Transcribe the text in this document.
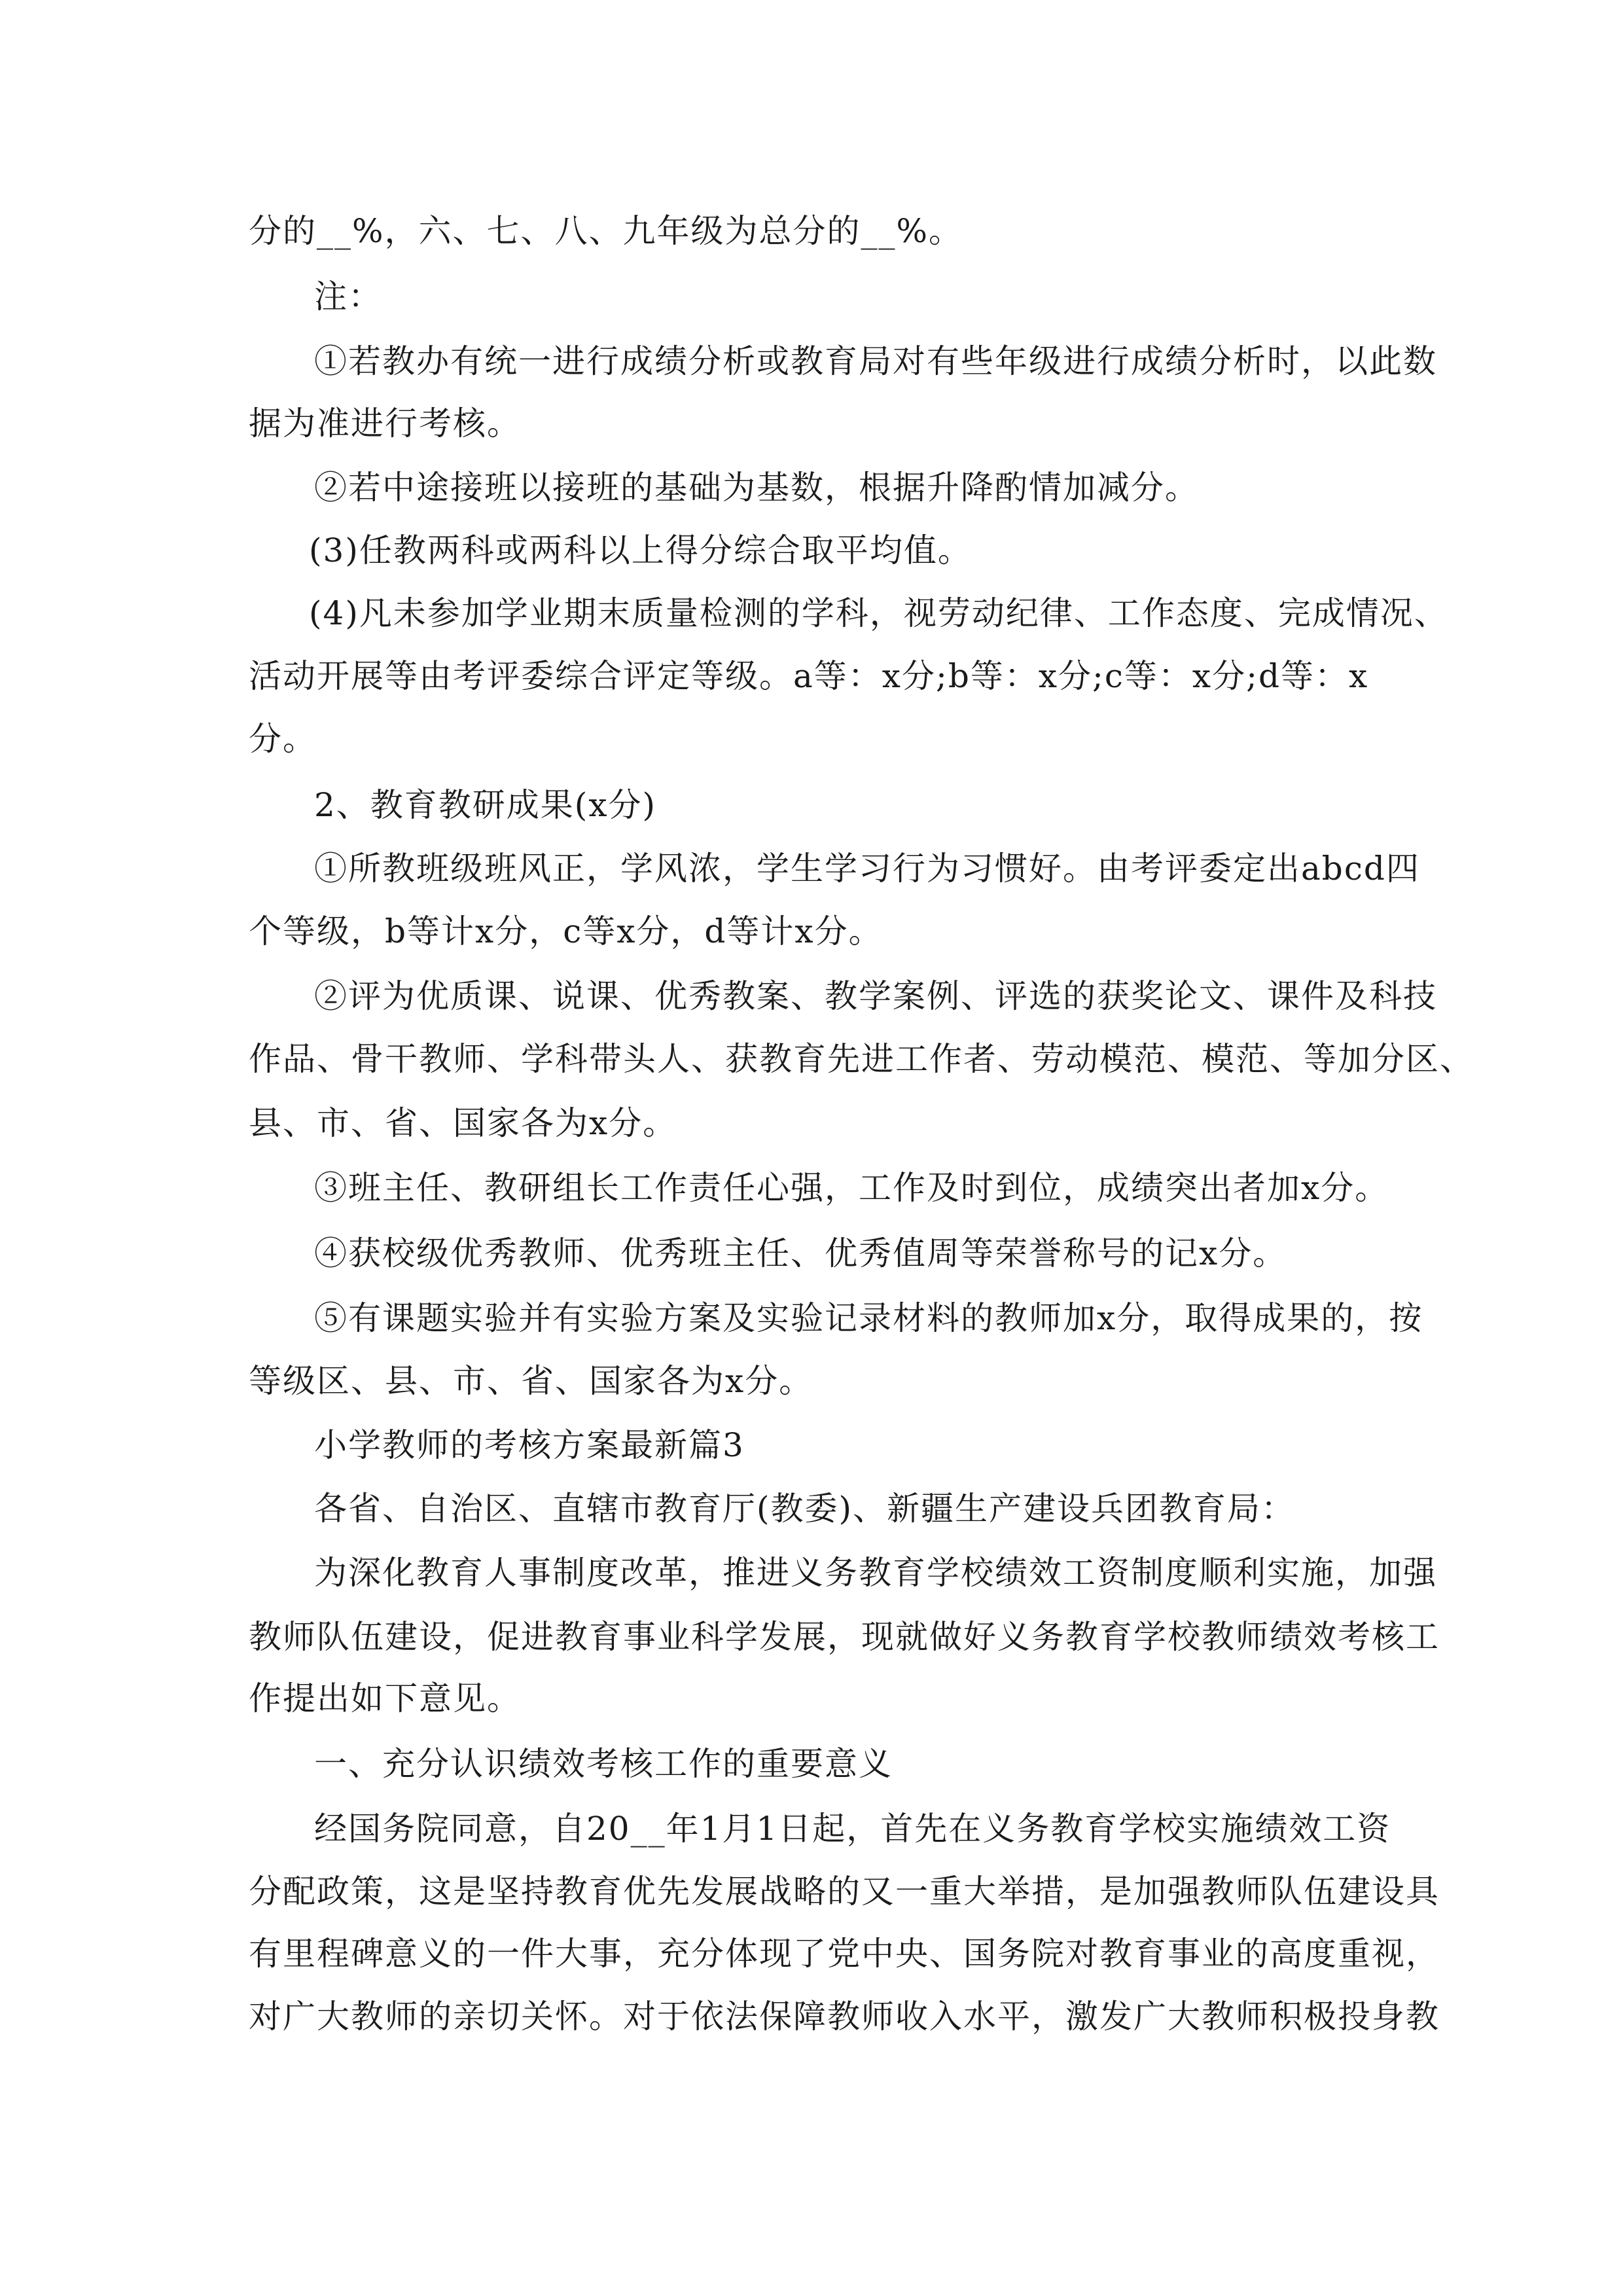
分的__%，六、七、八、九年级为总分的__%。
注：
①若教办有统一进行成绩分析或教育局对有些年级进行成绩分析时，以此数
据为准进行考核。
②若中途接班以接班的基础为基数，根据升降酌情加减分。
(3)任教两科或两科以上得分综合取平均值。
(4)凡未参加学业期末质量检测的学科，视劳动纪律、工作态度、完成情况、
活动开展等由考评委综合评定等级。a等：x分;b等：x分;c等：x分;d等：x
分。
2、教育教研成果(x分)
①所教班级班风正，学风浓，学生学习行为习惯好。由考评委定出abcd四
个等级，b等计x分，c等x分，d等计x分。
②评为优质课、说课、优秀教案、教学案例、评选的获奖论文、课件及科技
作品、骨干教师、学科带头人、获教育先进工作者、劳动模范、模范、等加分区、
县、市、省、国家各为x分。
③班主任、教研组长工作责任心强，工作及时到位，成绩突出者加x分。
④获校级优秀教师、优秀班主任、优秀值周等荣誉称号的记x分。
⑤有课题实验并有实验方案及实验记录材料的教师加x分，取得成果的，按
等级区、县、市、省、国家各为x分。
小学教师的考核方案最新篇3
各省、自治区、直辖市教育厅(教委)、新疆生产建设兵团教育局：
为深化教育人事制度改革，推进义务教育学校绩效工资制度顺利实施，加强
教师队伍建设，促进教育事业科学发展，现就做好义务教育学校教师绩效考核工
作提出如下意见。
一、充分认识绩效考核工作的重要意义
经国务院同意，自20__年1月1日起，首先在义务教育学校实施绩效工资
分配政策，这是坚持教育优先发展战略的又一重大举措，是加强教师队伍建设具
有里程碑意义的一件大事，充分体现了党中央、国务院对教育事业的高度重视，
对广大教师的亲切关怀。对于依法保障教师收入水平，激发广大教师积极投身教
